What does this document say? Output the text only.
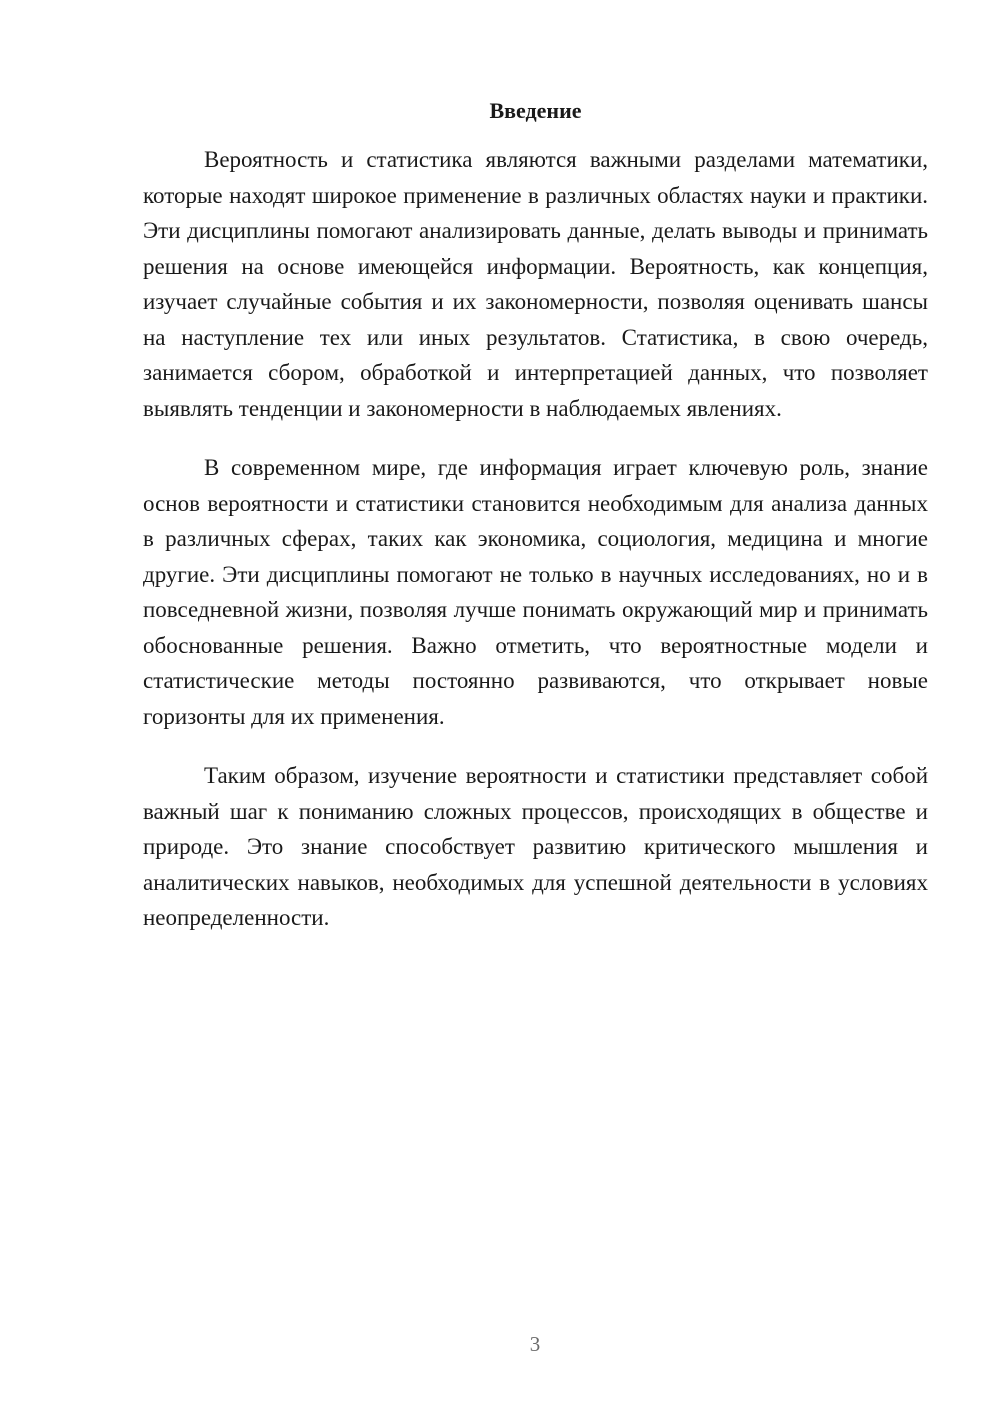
Введение

Вероятность и статистика являются важными разделами математики, которые находят широкое применение в различных областях науки и практики. Эти дисциплины помогают анализировать данные, делать выводы и принимать решения на основе имеющейся информации. Вероятность, как концепция, изучает случайные события и их закономерности, позволяя оценивать шансы на наступление тех или иных результатов. Статистика, в свою очередь, занимается сбором, обработкой и интерпретацией данных, что позволяет выявлять тенденции и закономерности в наблюдаемых явлениях.

В современном мире, где информация играет ключевую роль, знание основ вероятности и статистики становится необходимым для анализа данных в различных сферах, таких как экономика, социология, медицина и многие другие. Эти дисциплины помогают не только в научных исследованиях, но и в повседневной жизни, позволяя лучше понимать окружающий мир и принимать обоснованные решения. Важно отметить, что вероятностные модели и статистические методы постоянно развиваются, что открывает новые горизонты для их применения.

Таким образом, изучение вероятности и статистики представляет собой важный шаг к пониманию сложных процессов, происходящих в обществе и природе. Это знание способствует развитию критического мышления и аналитических навыков, необходимых для успешной деятельности в условиях неопределенности.

3
